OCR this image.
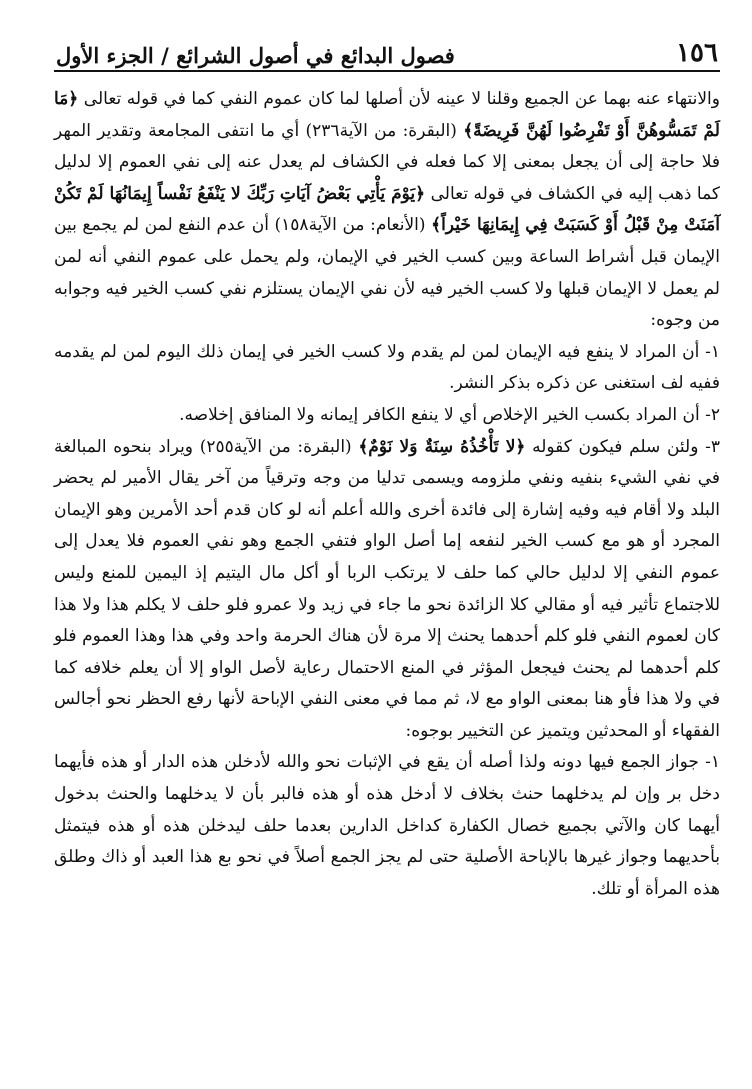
١٥٦
فصول البدائع في أصول الشرائع / الجزء الأول

والانتهاء عنه بهما عن الجميع وقلنا لا عينه لأن أصلها لما كان عموم النفي كما في قوله تعالى ﴿مَا لَمْ تَمَسُّوهُنَّ أَوْ تَفْرِضُوا لَهُنَّ فَرِيضَةً﴾ (البقرة: من الآية٢٣٦) أي ما انتفى المجامعة وتقدير المهر فلا حاجة إلى أن يجعل بمعنى إلا كما فعله في الكشاف لم يعدل عنه إلى نفي العموم إلا لدليل كما ذهب إليه في الكشاف في قوله تعالى ﴿يَوْمَ يَأْتِي بَعْضُ آيَاتِ رَبِّكَ لا يَنْفَعُ نَفْساً إِيمَانُهَا لَمْ تَكُنْ آمَنَتْ مِنْ قَبْلُ أَوْ كَسَبَتْ فِي إِيمَانِهَا خَيْراً﴾ (الأنعام: من الآية١٥٨) أن عدم النفع لمن لم يجمع بين الإيمان قبل أشراط الساعة وبين كسب الخير في الإيمان، ولم يحمل على عموم النفي أنه لمن لم يعمل لا الإيمان قبلها ولا كسب الخير فيه لأن نفي الإيمان يستلزم نفي كسب الخير فيه وجوابه من وجوه:

١- أن المراد لا ينفع فيه الإيمان لمن لم يقدم ولا كسب الخير في إيمان ذلك اليوم لمن لم يقدمه ففيه لف استغنى عن ذكره بذكر النشر.

٢- أن المراد بكسب الخير الإخلاص أي لا ينفع الكافر إيمانه ولا المنافق إخلاصه.

٣- ولئن سلم فيكون كقوله ﴿لا تَأْخُذُهُ سِنَةٌ وَلا نَوْمٌ﴾ (البقرة: من الآية٢٥٥) ويراد بنحوه المبالغة في نفي الشيء بنفيه ونفي ملزومه ويسمى تدليا من وجه وترقياً من آخر يقال الأمير لم يحضر البلد ولا أقام فيه وفيه إشارة إلى فائدة أخرى والله أعلم أنه لو كان قدم أحد الأمرين وهو الإيمان المجرد أو هو مع كسب الخير لنفعه إما أصل الواو فتفي الجمع وهو نفي العموم فلا يعدل إلى عموم النفي إلا لدليل حالي كما حلف لا يرتكب الربا أو أكل مال اليتيم إذ اليمين للمنع وليس للاجتماع تأثير فيه أو مقالي كلا الزائدة نحو ما جاء في زيد ولا عمرو فلو حلف لا يكلم هذا ولا هذا كان لعموم النفي فلو كلم أحدهما يحنث إلا مرة لأن هناك الحرمة واحد وفي هذا وهذا العموم فلو كلم أحدهما لم يحنث فيجعل المؤثر في المنع الاحتمال رعاية لأصل الواو إلا أن يعلم خلافه كما في ولا هذا فأو هنا بمعنى الواو مع لا، ثم مما في معنى النفي الإباحة لأنها رفع الحظر نحو أجالس الفقهاء أو المحدثين ويتميز عن التخيير بوجوه:

١- جواز الجمع فيها دونه ولذا أصله أن يقع في الإثبات نحو والله لأدخلن هذه الدار أو هذه فأيهما دخل بر وإن لم يدخلهما حنث بخلاف لا أدخل هذه أو هذه فالبر بأن لا يدخلهما والحنث بدخول أيهما كان والآتي بجميع خصال الكفارة كداخل الدارين بعدما حلف ليدخلن هذه أو هذه فيتمثل بأحديهما وجواز غيرها بالإباحة الأصلية حتى لم يجز الجمع أصلاً في نحو بع هذا العبد أو ذاك وطلق هذه المرأة أو تلك.
